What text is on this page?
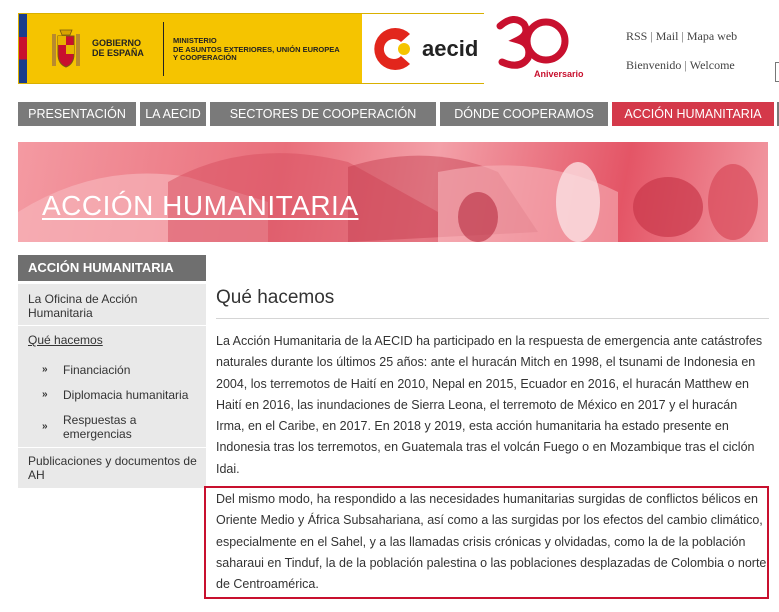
GOBIERNO
DE ESPAÑA
MINISTERIO
DE ASUNTOS EXTERIORES, UNIÓN EUROPEA
Y COOPERACIÓN	aecid
Aniversario
RSS | Mail | Mapa web
Bienvenido | Welcome
PRESENTACIÓN	LA AECID	SECTORES DE COOPERACIÓN	DÓNDE COOPERAMOS	ACCIÓN HUMANITARIA
ACCIÓN HUMANITARIA
ACCIÓN HUMANITARIA
La Oficina de Acción Humanitaria
Qué hacemos
» Financiación
» Diplomacia humanitaria
» Respuestas a emergencias
Publicaciones y documentos de AH
Qué hacemos
La Acción Humanitaria de la AECID ha participado en la respuesta de emergencia ante catástrofes naturales durante los últimos 25 años: ante el huracán Mitch en 1998, el tsunami de Indonesia en 2004, los terremotos de Haití en 2010, Nepal en 2015, Ecuador en 2016, el huracán Matthew en Haití en 2016, las inundaciones de Sierra Leona, el terremoto de México en 2017 y el huracán Irma, en el Caribe, en 2017. En 2018 y 2019, esta acción humanitaria ha estado presente en Indonesia tras los terremotos, en Guatemala tras el volcán Fuego o en Mozambique tras el ciclón Idai.
Del mismo modo, ha respondido a las necesidades humanitarias surgidas de conflictos bélicos en Oriente Medio y África Subsahariana, así como a las surgidas por los efectos del cambio climático, especialmente en el Sahel, y a las llamadas crisis crónicas y olvidadas, como la de la población saharaui en Tinduf, la de la población palestina o las poblaciones desplazadas de Colombia o norte de Centroamérica.
